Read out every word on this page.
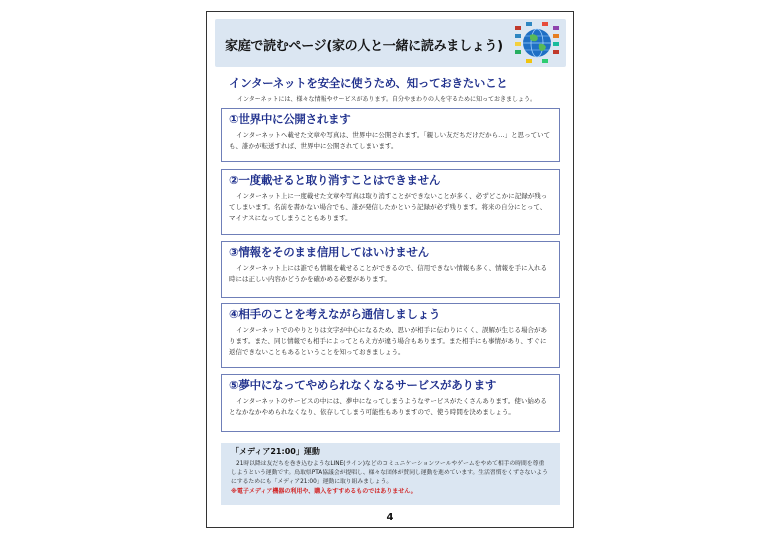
家庭で読むページ(家の人と一緒に読みましょう)
インターネットを安全に使うため、知っておきたいこと
インターネットには、様々な情報やサービスがあります。自分やまわりの人を守るために知っておきましょう。
①世界中に公開されます
インターネットへ載せた文章や写真は、世界中に公開されます。「親しい友だちだけだから…」と思っていても、誰かが転送すれば、世界中に公開されてしまいます。
②一度載せると取り消すことはできません
インターネット上に一度載せた文章や写真は取り消すことができないことが多く、必ずどこかに記録が残ってしまいます。名前を書かない場合でも、誰が発信したかという記録が必ず残ります。将来の自分にとって、マイナスになってしまうこともあります。
③情報をそのまま信用してはいけません
インターネット上には誰でも情報を載せることができるので、信用できない情報も多く、情報を手に入れる時には正しい内容かどうかを確かめる必要があります。
④相手のことを考えながら通信しましょう
インターネットでのやりとりは文字が中心になるため、思いが相手に伝わりにくく、誤解が生じる場合があります。また、同じ情報でも相手によってとらえ方が違う場合もあります。また相手にも事情があり、すぐに返信できないこともあるということを知っておきましょう。
⑤夢中になってやめられなくなるサービスがあります
インターネットのサービスの中には、夢中になってしまうようなサービスがたくさんあります。使い始めるとなかなかやめられなくなり、依存してしまう可能性もありますので、使う時間を決めましょう。
「メディア21:00」運動
21時以降は友だちを巻き込むようなLINE(ライン)などのコミュニケーションツールやゲームをやめて相手の時間を尊重しようという運動です。鳥取県PTA協議会が提唱し、様々な団体が賛同し運動を進めています。生活習慣をくずさないようにするためにも「メディア21:00」運動に取り組みましょう。
※電子メディア機器の利用や、購入をすすめるものではありません。
4
